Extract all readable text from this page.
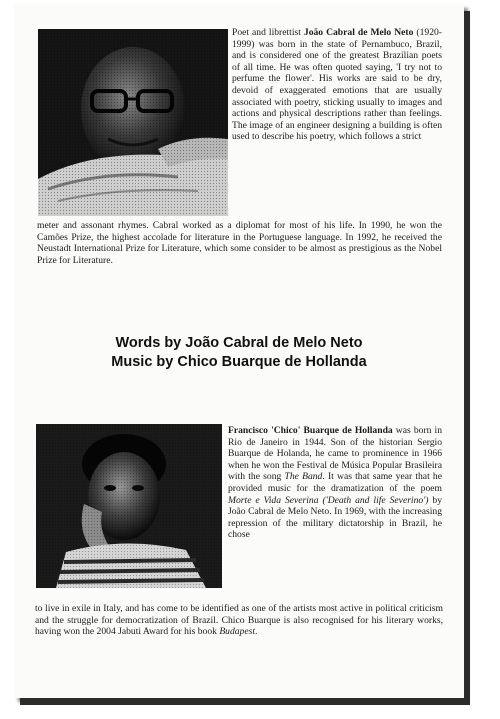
Poet and librettist João Cabral de Melo Neto (1920-1999) was born in the state of Pernambuco, Brazil, and is considered one of the greatest Brazilian poets of all time. He was often quoted saying, 'I try not to perfume the flower'. His works are said to be dry, devoid of exaggerated emotions that are usually associated with poetry, sticking usually to images and actions and physical descriptions rather than feelings. The image of an engineer designing a building is often used to describe his poetry, which follows a strict
meter and assonant rhymes. Cabral worked as a diplomat for most of his life. In 1990, he won the Camões Prize, the highest accolade for literature in the Portuguese language. In 1992, he received the Neustadt International Prize for Literature, which some consider to be almost as prestigious as the Nobel Prize for Literature.
Words by João Cabral de Melo Neto
Music by Chico Buarque de Hollanda
Francisco 'Chico' Buarque de Hollanda was born in Rio de Janeiro in 1944. Son of the historian Sergio Buarque de Holanda, he came to prominence in 1966 when he won the Festival de Música Popular Brasileira with the song The Band. It was that same year that he provided music for the dramatization of the poem Morte e Vida Severina ('Death and life Severino') by João Cabral de Melo Neto. In 1969, with the increasing repression of the military dictatorship in Brazil, he chose
to live in exile in Italy, and has come to be identified as one of the artists most active in political criticism and the struggle for democratization of Brazil. Chico Buarque is also recognised for his literary works, having won the 2004 Jabuti Award for his book Budapest.
